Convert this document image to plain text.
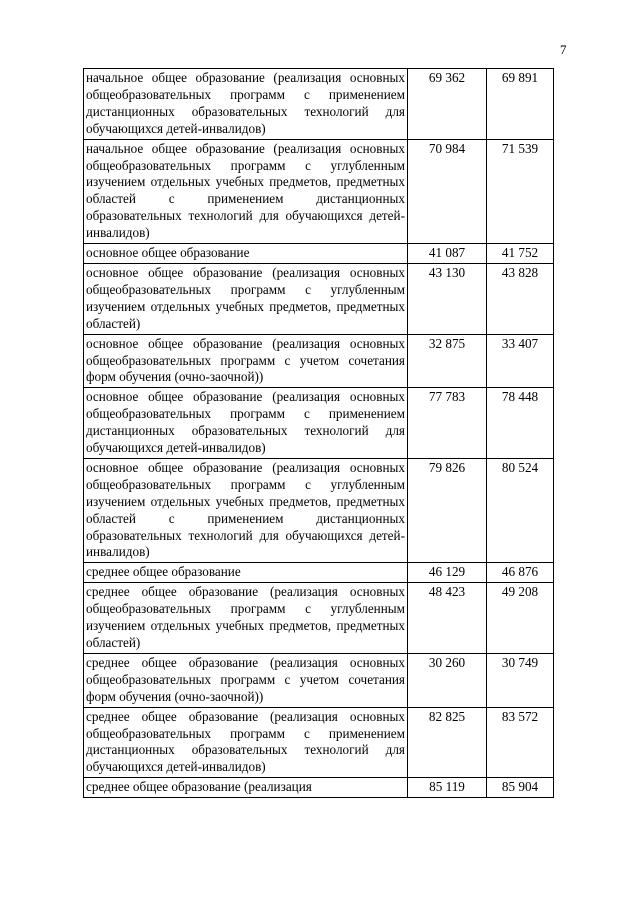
7
начальное общее образование (реализация основных общеобразовательных программ с применением дистанционных образовательных технологий для обучающихся детей-инвалидов)	69 362	69 891
начальное общее образование (реализация основных общеобразовательных программ с углубленным изучением отдельных учебных предметов, предметных областей с применением дистанционных образовательных технологий для обучающихся детей-инвалидов)	70 984	71 539
основное общее образование	41 087	41 752
основное общее образование (реализация основных общеобразовательных программ с углубленным изучением отдельных учебных предметов, предметных областей)	43 130	43 828
основное общее образование (реализация основных общеобразовательных программ с учетом сочетания форм обучения (очно-заочной))	32 875	33 407
основное общее образование (реализация основных общеобразовательных программ с применением дистанционных образовательных технологий для обучающихся детей-инвалидов)	77 783	78 448
основное общее образование (реализация основных общеобразовательных программ с углубленным изучением отдельных учебных предметов, предметных областей с применением дистанционных образовательных технологий для обучающихся детей-инвалидов)	79 826	80 524
среднее общее образование	46 129	46 876
среднее общее образование (реализация основных общеобразовательных программ с углубленным изучением отдельных учебных предметов, предметных областей)	48 423	49 208
среднее общее образование (реализация основных общеобразовательных программ с учетом сочетания форм обучения (очно-заочной))	30 260	30 749
среднее общее образование (реализация основных общеобразовательных программ с применением дистанционных образовательных технологий для обучающихся детей-инвалидов)	82 825	83 572
среднее общее образование (реализация	85 119	85 904
